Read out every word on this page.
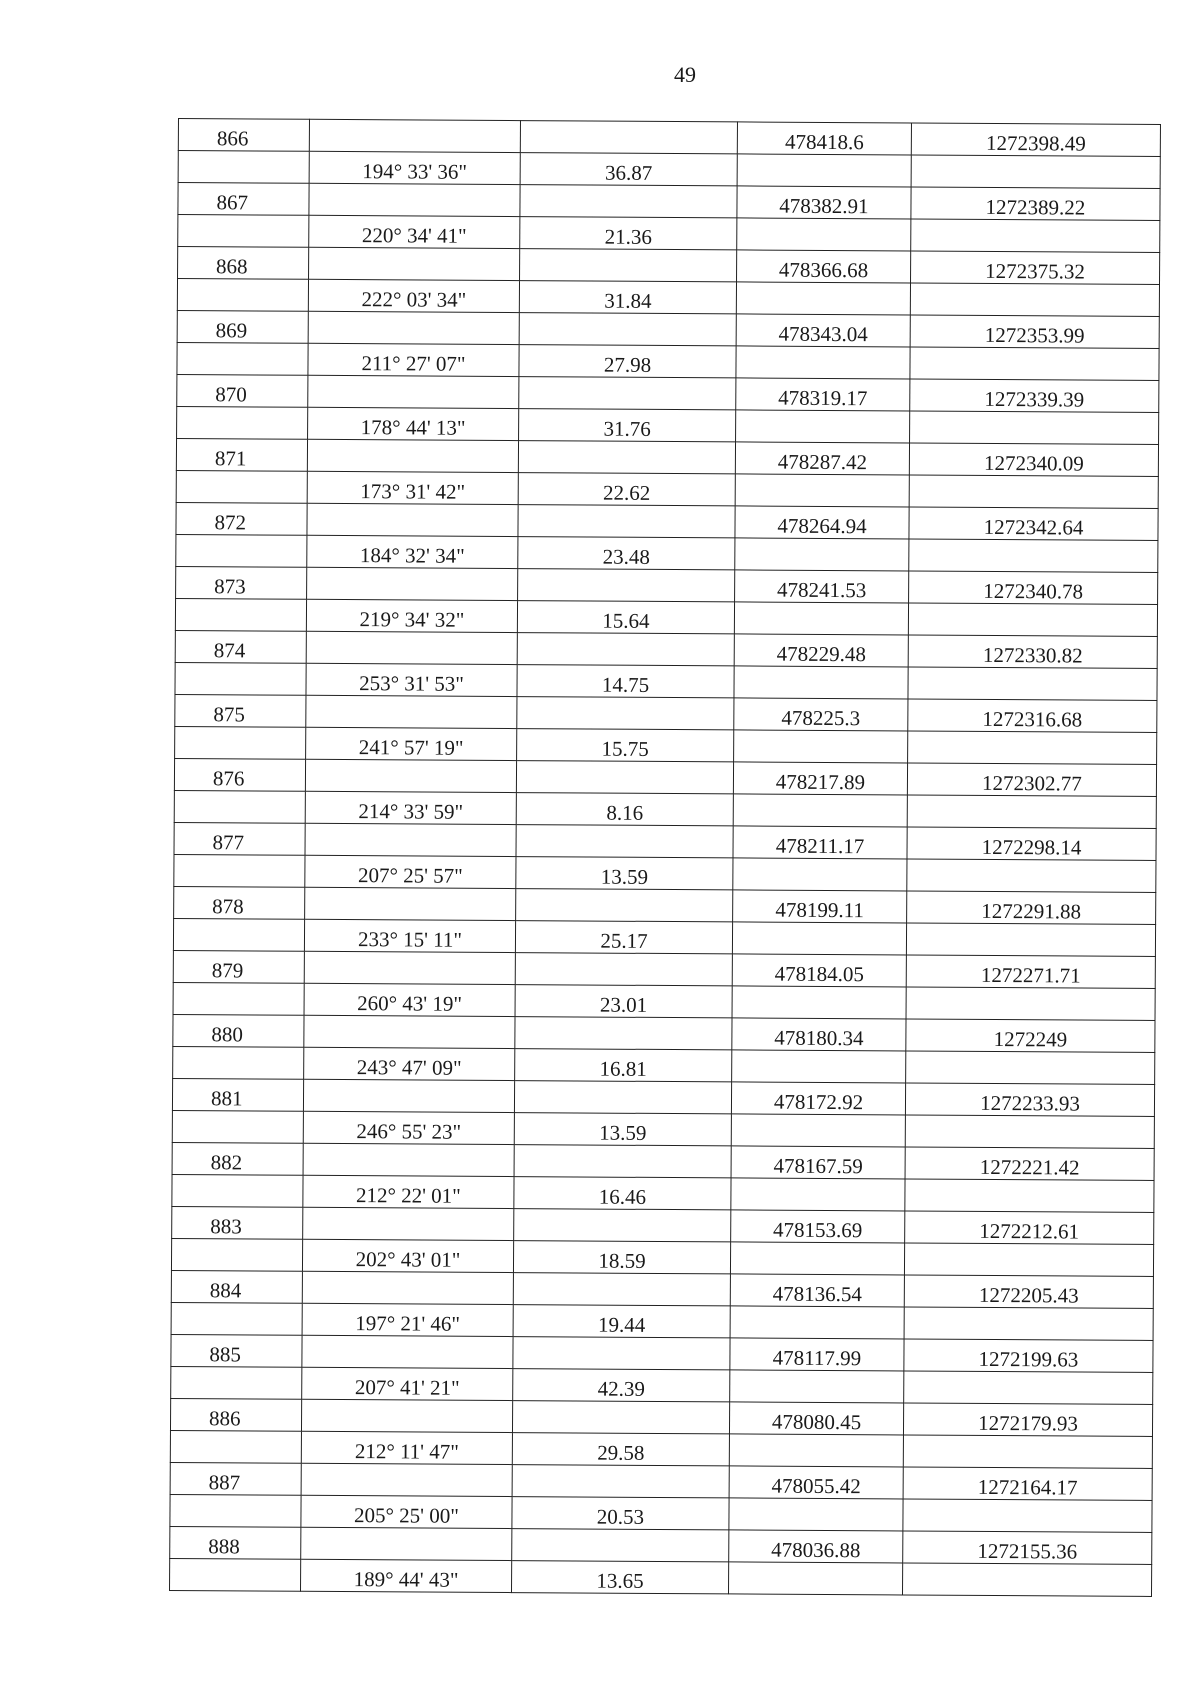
49
866			478418.6	1272398.49
	194° 33' 36"	36.87		
867			478382.91	1272389.22
	220° 34' 41"	21.36		
868			478366.68	1272375.32
	222° 03' 34"	31.84		
869			478343.04	1272353.99
	211° 27' 07"	27.98		
870			478319.17	1272339.39
	178° 44' 13"	31.76		
871			478287.42	1272340.09
	173° 31' 42"	22.62		
872			478264.94	1272342.64
	184° 32' 34"	23.48		
873			478241.53	1272340.78
	219° 34' 32"	15.64		
874			478229.48	1272330.82
	253° 31' 53"	14.75		
875			478225.3	1272316.68
	241° 57' 19"	15.75		
876			478217.89	1272302.77
	214° 33' 59"	8.16		
877			478211.17	1272298.14
	207° 25' 57"	13.59		
878			478199.11	1272291.88
	233° 15' 11"	25.17		
879			478184.05	1272271.71
	260° 43' 19"	23.01		
880			478180.34	1272249
	243° 47' 09"	16.81		
881			478172.92	1272233.93
	246° 55' 23"	13.59		
882			478167.59	1272221.42
	212° 22' 01"	16.46		
883			478153.69	1272212.61
	202° 43' 01"	18.59		
884			478136.54	1272205.43
	197° 21' 46"	19.44		
885			478117.99	1272199.63
	207° 41' 21"	42.39		
886			478080.45	1272179.93
	212° 11' 47"	29.58		
887			478055.42	1272164.17
	205° 25' 00"	20.53		
888			478036.88	1272155.36
	189° 44' 43"	13.65		
